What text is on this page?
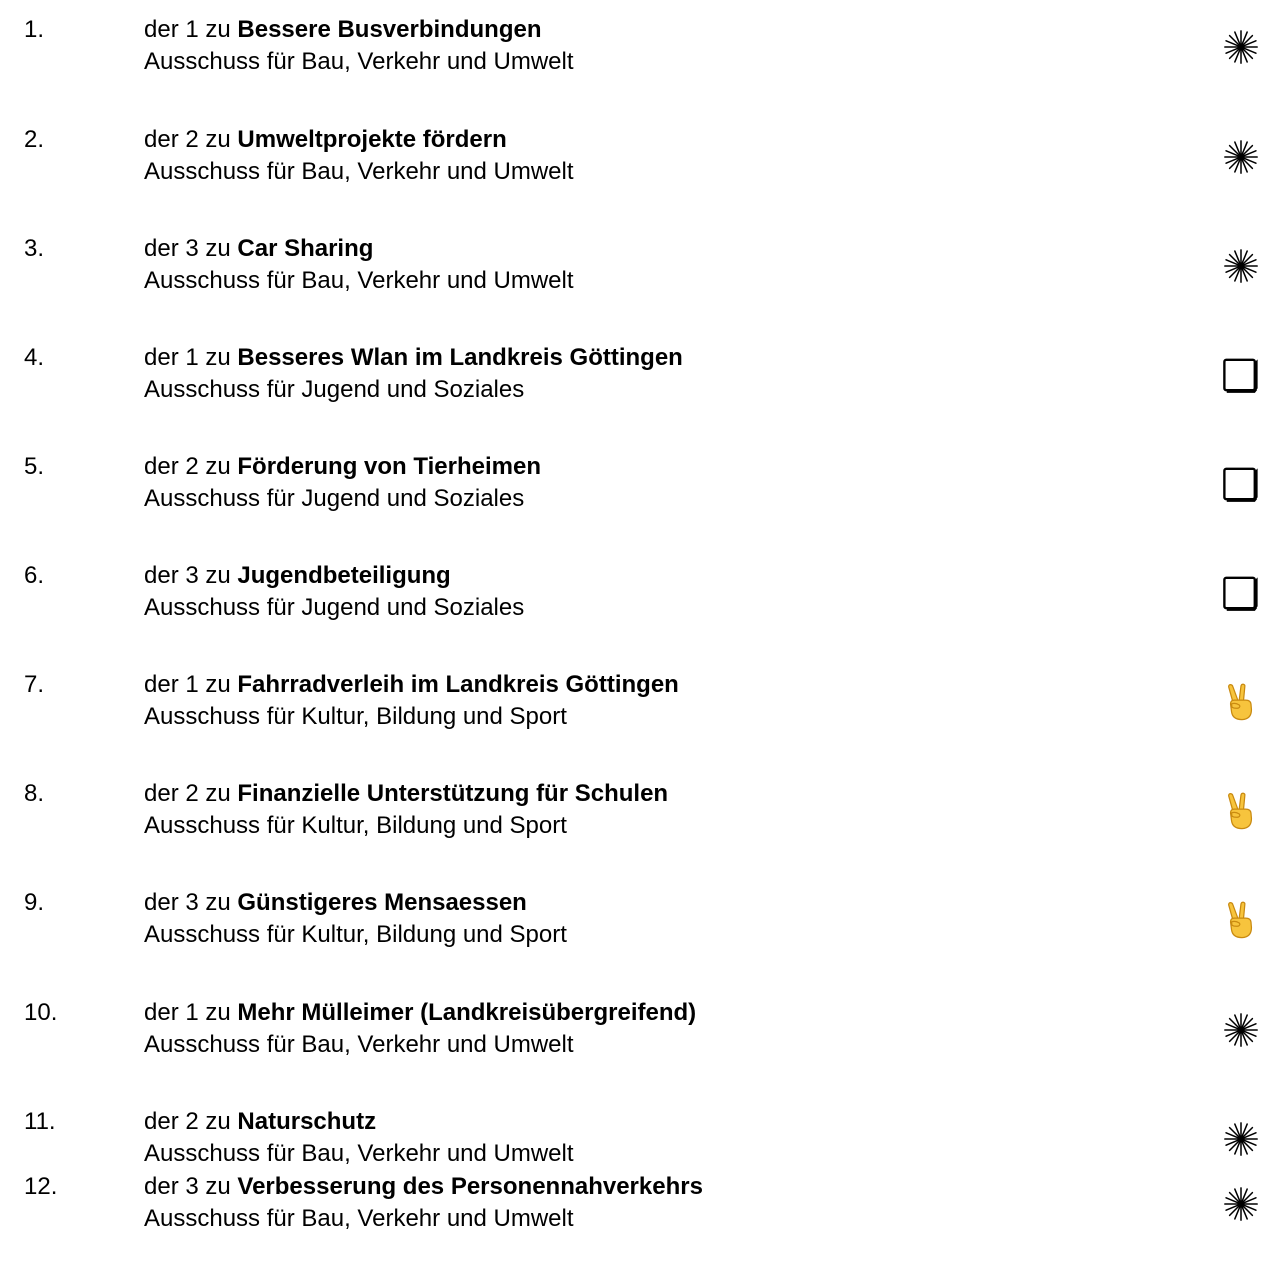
1.	der 1 zu Bessere Busverbindungen
Ausschuss für Bau, Verkehr und Umwelt
2.	der 2 zu Umweltprojekte fördern
Ausschuss für Bau, Verkehr und Umwelt
3.	der 3 zu Car Sharing
Ausschuss für Bau, Verkehr und Umwelt
4.	der 1 zu Besseres Wlan im Landkreis Göttingen
Ausschuss für Jugend und Soziales
5.	der 2 zu Förderung von Tierheimen
Ausschuss für Jugend und Soziales
6.	der 3 zu Jugendbeteiligung
Ausschuss für Jugend und Soziales
7.	der 1 zu Fahrradverleih im Landkreis Göttingen
Ausschuss für Kultur, Bildung und Sport
8.	der 2 zu Finanzielle Unterstützung für Schulen
Ausschuss für Kultur, Bildung und Sport
9.	der 3 zu Günstigeres Mensaessen
Ausschuss für Kultur, Bildung und Sport
10.	der 1 zu Mehr Mülleimer (Landkreisübergreifend)
Ausschuss für Bau, Verkehr und Umwelt
11.	der 2 zu Naturschutz
Ausschuss für Bau, Verkehr und Umwelt
12.	der 3 zu Verbesserung des Personennahverkehrs
Ausschuss für Bau, Verkehr und Umwelt
